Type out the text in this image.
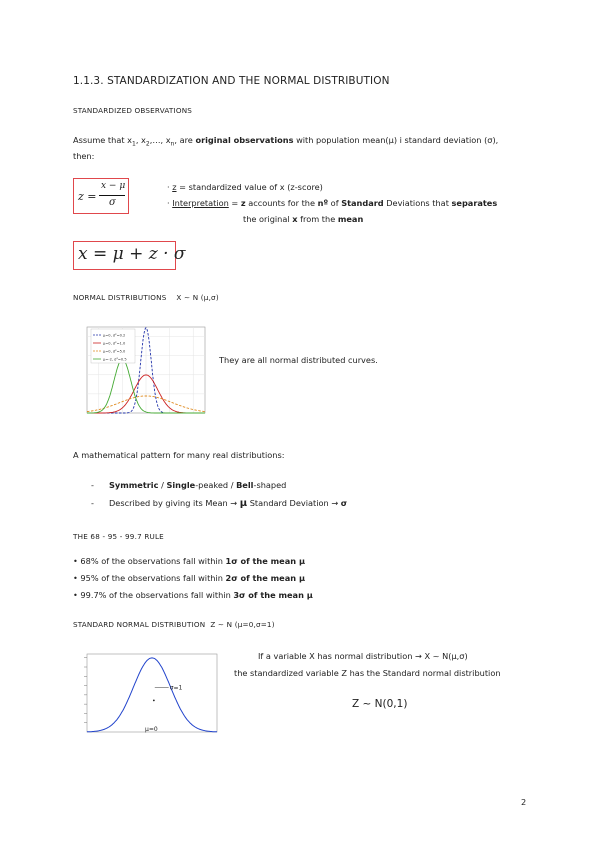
1.1.3. STANDARDIZATION AND THE NORMAL DISTRIBUTION
STANDARDIZED OBSERVATIONS
Assume that $x_1$, $x_2,\dots$, $x_n$, are original observations with population mean(μ) i standard deviation (σ),
then:
z =
x − μ
σ
· z = standardized value of x (z-score)
· Interpretation = z accounts for the nº of Standard Deviations that separates
the original x from the mean
x = μ + z · σ
NORMAL DISTRIBUTIONS X ∼ N (μ,σ)
μ=0, σ²=0.2
μ=0, σ²=1.0
μ=0, σ²=5.0
μ=-2, σ²=0.5	They are all normal distributed curves.
A mathematical pattern for many real distributions:
- Symmetric / Single-peaked / Bell-shaped
- Described by giving its Mean → μ Standard Deviation → σ
THE 68 - 95 - 99.7 RULE
• 68% of the observations fall within 1σ of the mean μ
• 95% of the observations fall within 2σ of the mean μ
• 99.7% of the observations fall within 3σ of the mean μ
STANDARD NORMAL DISTRIBUTION Z ∼ N (μ=0,σ=1)
σ=1
μ=0
If a variable X has normal distribution → X ~ N(μ,σ)
the standardized variable Z has the Standard normal distribution
Z ~ N(0,1)
2
